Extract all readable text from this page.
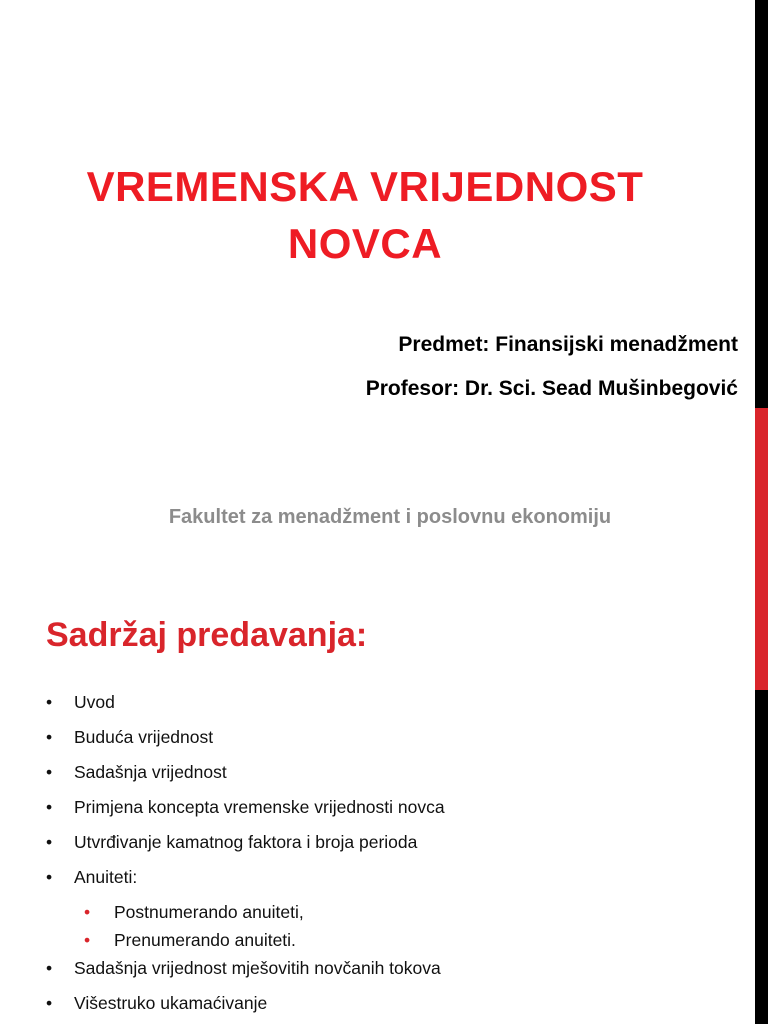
VREMENSKA VRIJEDNOST
NOVCA
Predmet: Finansijski menadžment
Profesor: Dr. Sci. Sead Mušinbegović
Fakultet za menadžment i poslovnu ekonomiju
Sadržaj predavanja:
• Uvod
• Buduća vrijednost
• Sadašnja vrijednost
• Primjena koncepta vremenske vrijednosti novca
• Utvrđivanje kamatnog faktora i broja perioda
• Anuiteti:
• Postnumerando anuiteti,
• Prenumerando anuiteti.
• Sadašnja vrijednost mješovitih novčanih tokova
• Višestruko ukamaćivanje
